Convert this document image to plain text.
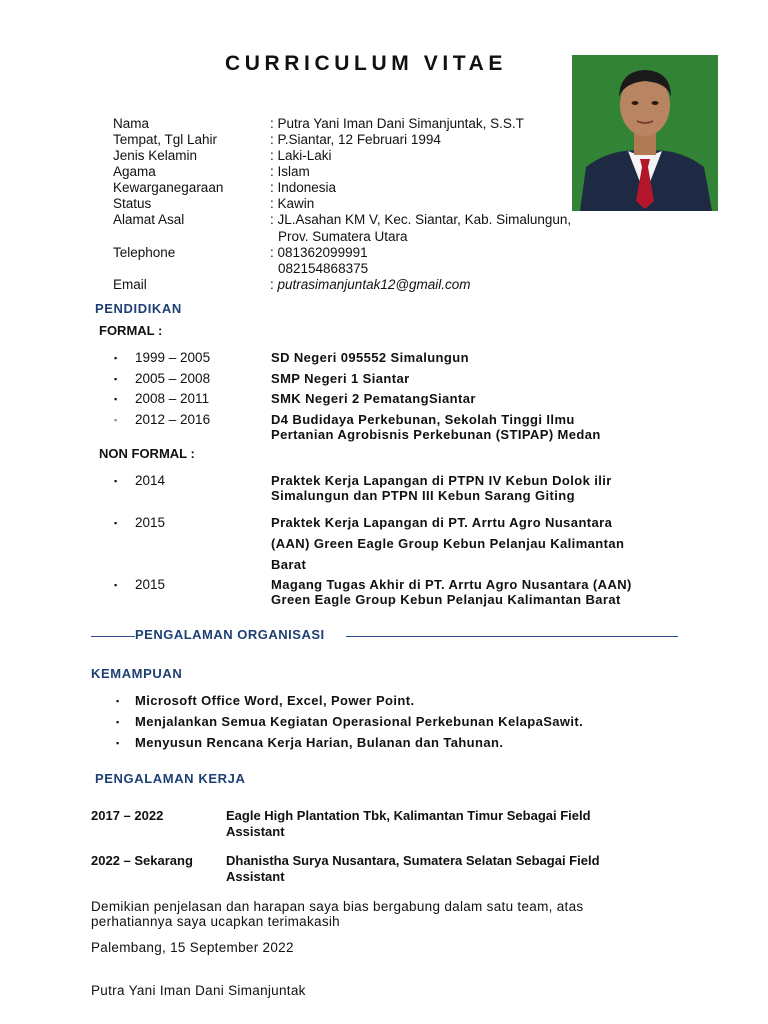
CURRICULUM VITAE
Nama	: Putra Yani Iman Dani Simanjuntak, S.S.T
Tempat, Tgl Lahir	: P.Siantar, 12 Februari 1994
Jenis Kelamin	: Laki-Laki
Agama	: Islam
Kewarganegaraan	: Indonesia
Status	: Kawin
Alamat Asal	: JL.Asahan KM V, Kec. Siantar, Kab. Simalungun,
Prov. Sumatera Utara
Telephone	: 081362099991
082154868375
Email	: putrasimanjuntak12@gmail.com
PENDIDIKAN
FORMAL :
▪ 1999 – 2005	SD Negeri 095552 Simalungun
▪ 2005 – 2008	SMP Negeri 1 Siantar
▪ 2008 – 2011	SMK Negeri 2 PematangSiantar
▪ 2012 – 2016	D4 Budidaya Perkebunan, Sekolah Tinggi Ilmu
Pertanian Agrobisnis Perkebunan (STIPAP) Medan
NON FORMAL :
▪ 2014	Praktek Kerja Lapangan di PTPN IV Kebun Dolok ilir
Simalungun dan PTPN III Kebun Sarang Giting
▪ 2015	Praktek Kerja Lapangan di PT. Arrtu Agro Nusantara
(AAN) Green Eagle Group Kebun Pelanjau Kalimantan
Barat
▪ 2015	Magang Tugas Akhir di PT. Arrtu Agro Nusantara (AAN)
Green Eagle Group Kebun Pelanjau Kalimantan Barat
PENGALAMAN ORGANISASI
KEMAMPUAN
▪ Microsoft Office Word, Excel, Power Point.
▪ Menjalankan Semua Kegiatan Operasional Perkebunan KelapaSawit.
▪ Menyusun Rencana Kerja Harian, Bulanan dan Tahunan.
PENGALAMAN KERJA
2017 – 2022	Eagle High Plantation Tbk, Kalimantan Timur Sebagai Field
Assistant
2022 – Sekarang	Dhanistha Surya Nusantara, Sumatera Selatan Sebagai Field
Assistant
Demikian penjelasan dan harapan saya bias bergabung dalam satu team, atas
perhatiannya saya ucapkan terimakasih
Palembang, 15 September 2022
Putra Yani Iman Dani Simanjuntak
